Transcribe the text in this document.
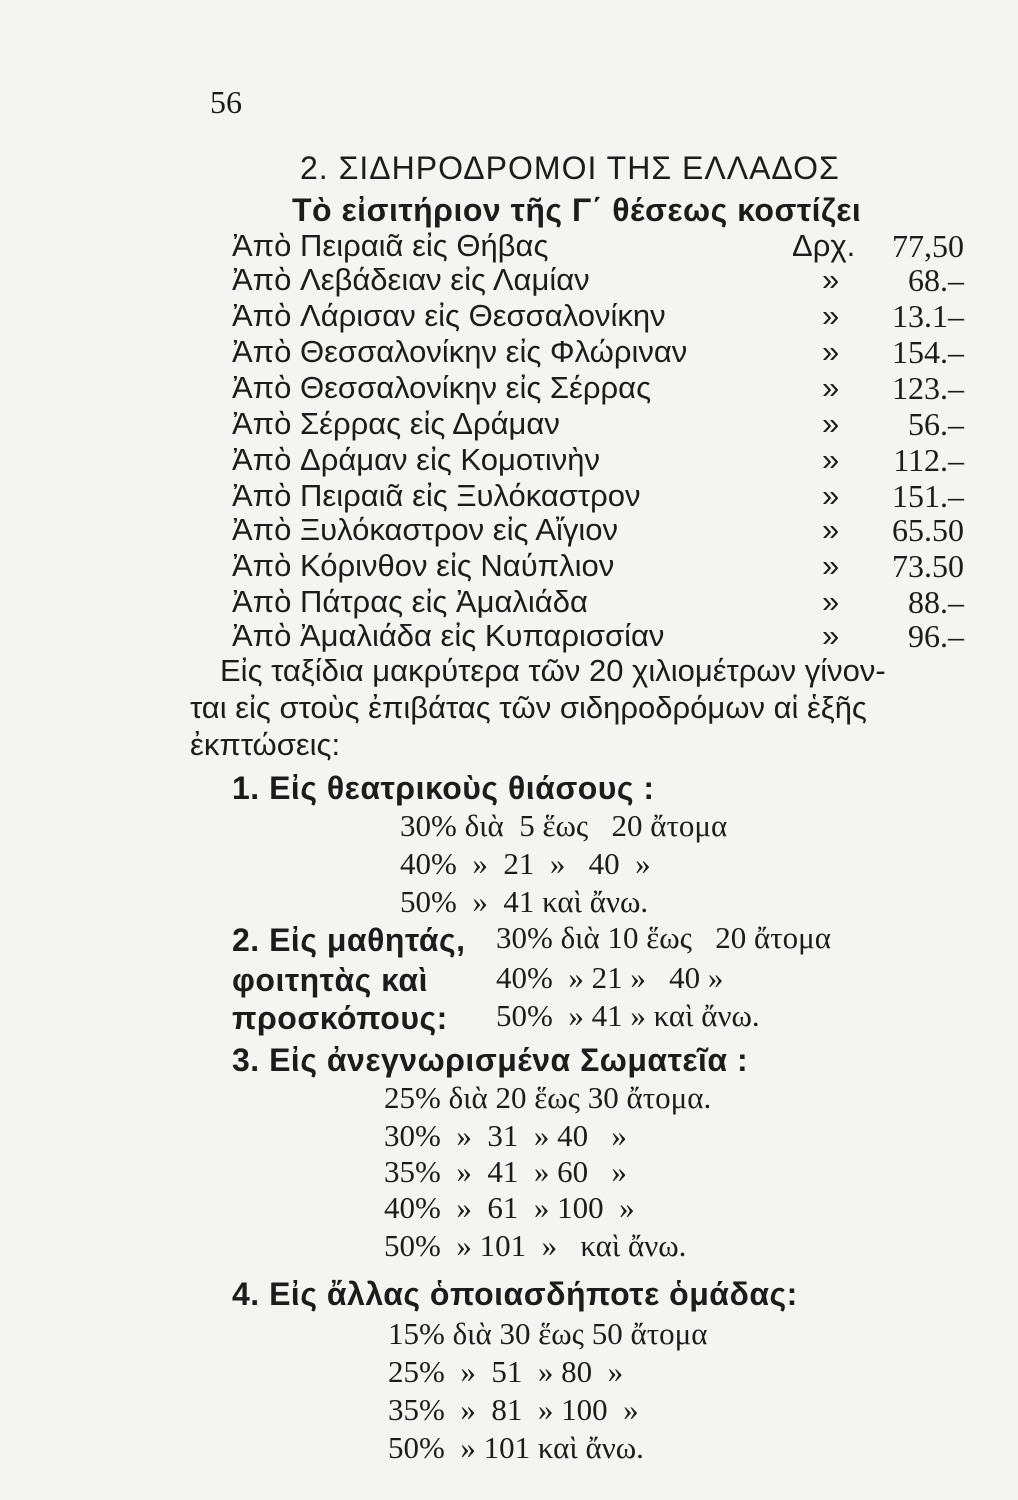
56
2. ΣΙΔΗΡΟΔΡΟΜΟΙ ΤΗΣ ΕΛΛΑΔΟΣ
Τὸ εἰσιτήριον τῆς Γ΄ θέσεως κοστίζει
Ἀπὸ Πειραιᾶ εἰς Θήβας	Δρχ. 77,50
Ἀπὸ Λεβάδειαν εἰς Λαμίαν	» 68.–
Ἀπὸ Λάρισαν εἰς Θεσσαλονίκην	» 13.1–
Ἀπὸ Θεσσαλονίκην εἰς Φλώριναν	» 154.–
Ἀπὸ Θεσσαλονίκην εἰς Σέρρας	» 123.–
Ἀπὸ Σέρρας εἰς Δράμαν	» 56.–
Ἀπὸ Δράμαν εἰς Κομοτινὴν	» 112.–
Ἀπὸ Πειραιᾶ εἰς Ξυλόκαστρον	» 151.–
Ἀπὸ Ξυλόκαστρον εἰς Αἴγιον	» 65.50
Ἀπὸ Κόρινθον εἰς Ναύπλιον	» 73.50
Ἀπὸ Πάτρας εἰς Ἀμαλιάδα	» 88.–
Ἀπὸ Ἀμαλιάδα εἰς Κυπαρισσίαν	» 96.–
Εἰς ταξίδια μακρύτερα τῶν 20 χιλιομέτρων γίνον-
ται εἰς στοὺς ἐπιβάτας τῶν σιδηροδρόμων αἱ ἑξῆς
ἐκπτώσεις:
1. Εἰς θεατρικοὺς θιάσους :
30% διὰ  5 ἕως   20 ἄτομα
40%  »  21  »   40  »
50%  »  41 καὶ ἄνω.
2. Εἰς μαθητάς,
φοιτητὰς καὶ
προσκόπους:
30% διὰ 10 ἕως   20 ἄτομα
40%  » 21 »   40 »
50%  » 41 » καὶ ἄνω.
3. Εἰς ἀνεγνωρισμένα Σωματεῖα :
25% διὰ 20 ἕως 30 ἄτομα.
30%  »  31  » 40   »
35%  »  41  » 60   »
40%  »  61  » 100  »
50%  » 101  »   καὶ ἄνω.
4. Εἰς ἄλλας ὁποιασδήποτε ὁμάδας:
15% διὰ 30 ἕως 50 ἄτομα
25%  »  51  » 80  »
35%  »  81  » 100  »
50%  » 101 καὶ ἄνω.
